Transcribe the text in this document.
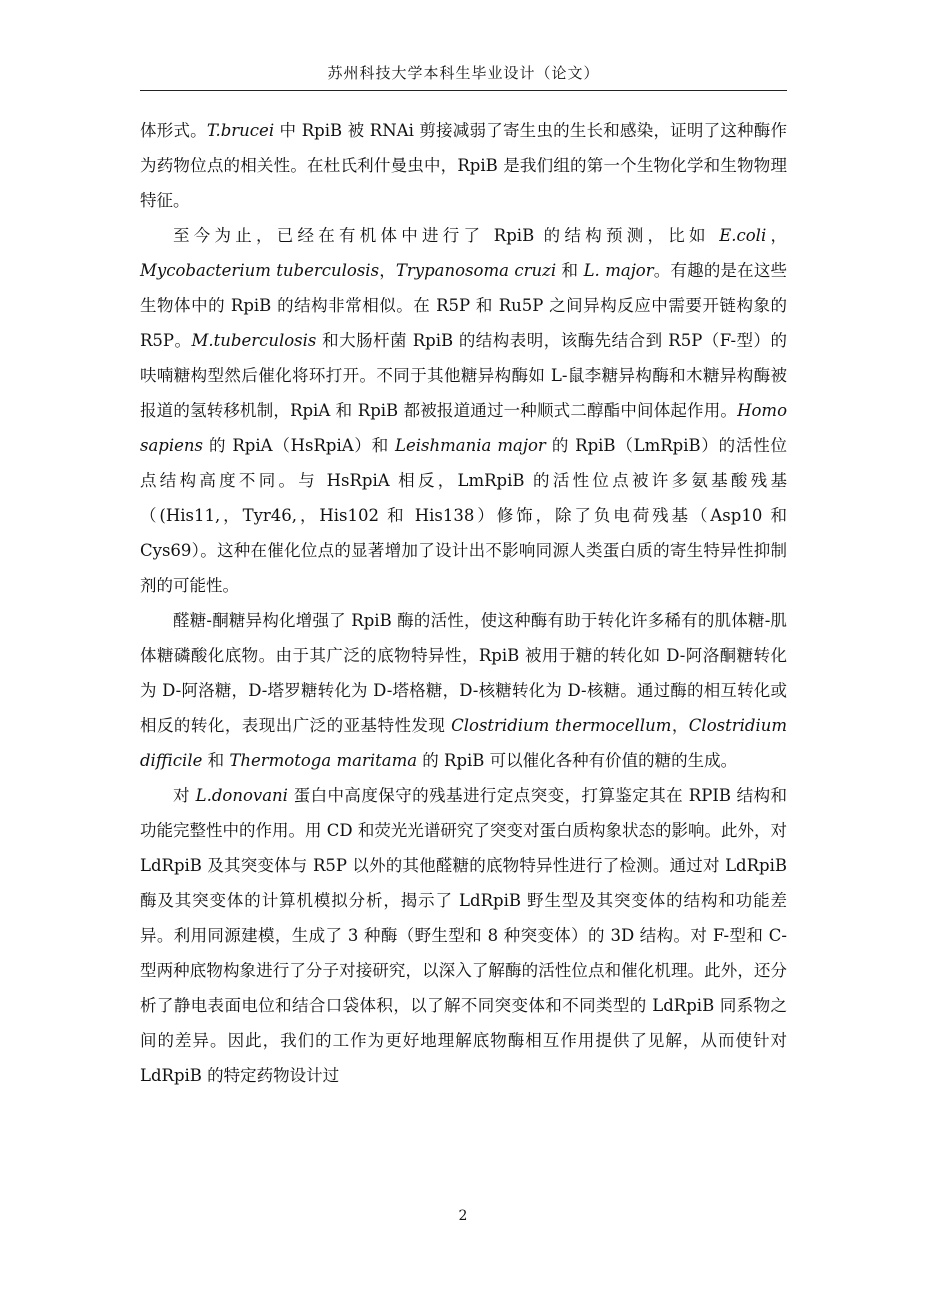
苏州科技大学本科生毕业设计（论文）

体形式。T.brucei 中 RpiB 被 RNAi 剪接减弱了寄生虫的生长和感染，证明了这种酶作为药物位点的相关性。在杜氏利什曼虫中，RpiB 是我们组的第一个生物化学和生物物理特征。

至今为止，已经在有机体中进行了 RpiB 的结构预测，比如 E.coli，Mycobacterium tuberculosis，Trypanosoma cruzi 和 L. major。有趣的是在这些生物体中的 RpiB 的结构非常相似。在 R5P 和 Ru5P 之间异构反应中需要开链构象的 R5P。M.tuberculosis 和大肠杆菌 RpiB 的结构表明，该酶先结合到 R5P（F-型）的呋喃糖构型然后催化将环打开。不同于其他糖异构酶如 L-鼠李糖异构酶和木糖异构酶被报道的氢转移机制，RpiA 和 RpiB 都被报道通过一种顺式二醇酯中间体起作用。Homo sapiens 的 RpiA（HsRpiA）和 Leishmania major 的 RpiB（LmRpiB）的活性位点结构高度不同。与 HsRpiA 相反，LmRpiB 的活性位点被许多氨基酸残基（(His11,，Tyr46,，His102 和 His138）修饰，除了负电荷残基（Asp10 和 Cys69）。这种在催化位点的显著增加了设计出不影响同源人类蛋白质的寄生特异性抑制剂的可能性。

醛糖-酮糖异构化增强了 RpiB 酶的活性，使这种酶有助于转化许多稀有的肌体糖-肌体糖磷酸化底物。由于其广泛的底物特异性，RpiB 被用于糖的转化如 D-阿洛酮糖转化为 D-阿洛糖，D-塔罗糖转化为 D-塔格糖，D-核糖转化为 D-核糖。通过酶的相互转化或相反的转化，表现出广泛的亚基特性发现 Clostridium thermocellum，Clostridium difficile 和 Thermotoga maritama 的 RpiB 可以催化各种有价值的糖的生成。

对 L.donovani 蛋白中高度保守的残基进行定点突变，打算鉴定其在 RPIB 结构和功能完整性中的作用。用 CD 和荧光光谱研究了突变对蛋白质构象状态的影响。此外，对 LdRpiB 及其突变体与 R5P 以外的其他醛糖的底物特异性进行了检测。通过对 LdRpiB 酶及其突变体的计算机模拟分析，揭示了 LdRpiB 野生型及其突变体的结构和功能差异。利用同源建模，生成了 3 种酶（野生型和 8 种突变体）的 3D 结构。对 F-型和 C-型两种底物构象进行了分子对接研究，以深入了解酶的活性位点和催化机理。此外，还分析了静电表面电位和结合口袋体积，以了解不同突变体和不同类型的 LdRpiB 同系物之间的差异。因此，我们的工作为更好地理解底物酶相互作用提供了见解，从而使针对 LdRpiB 的特定药物设计过

2
